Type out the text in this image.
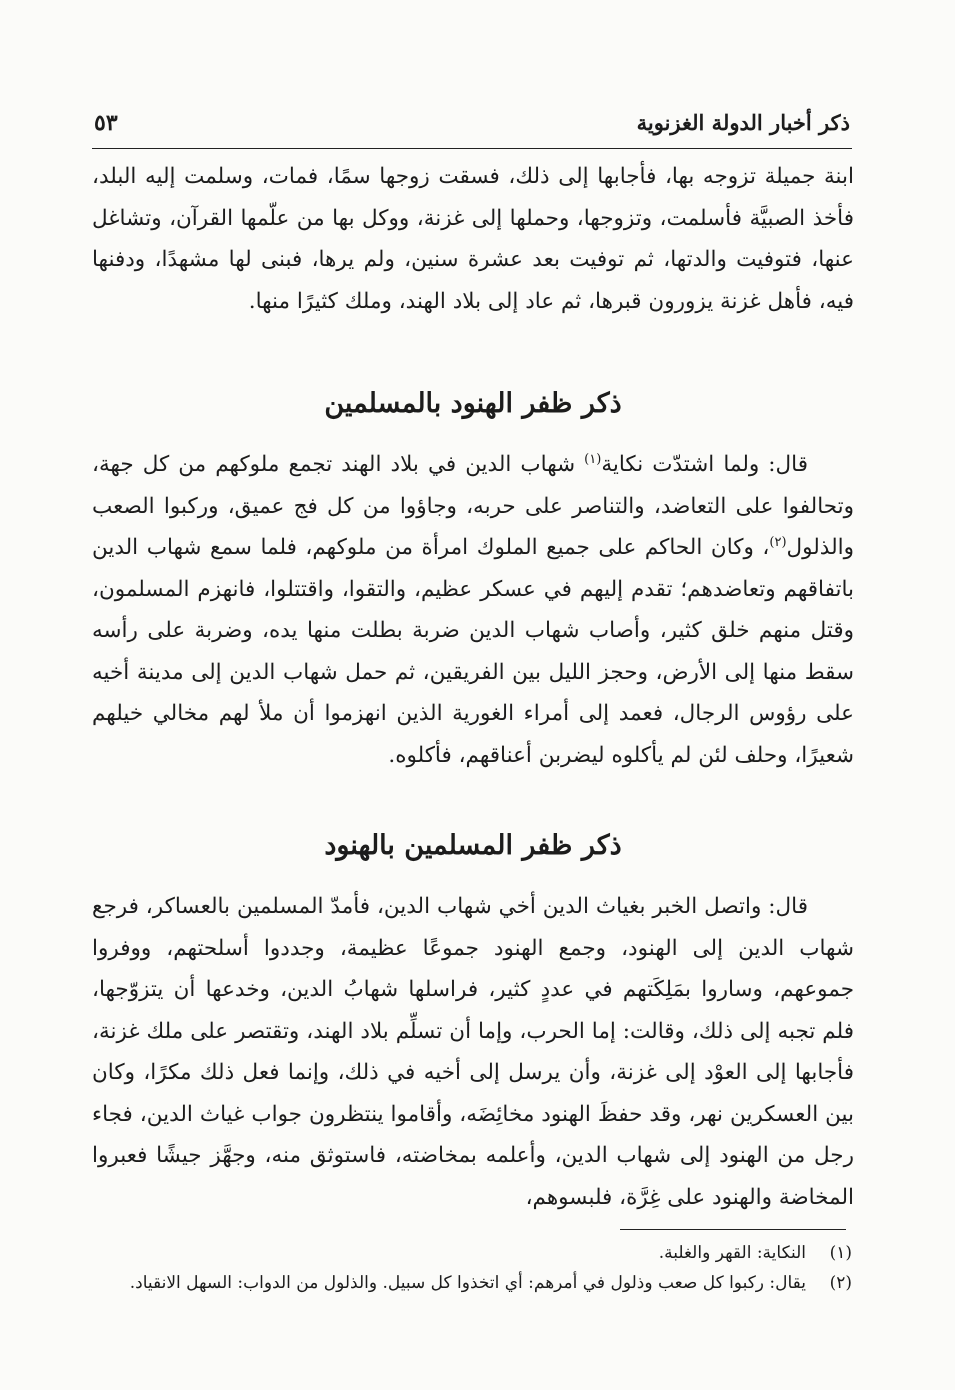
ذكر أخبار الدولة الغزنوية
٥٣

ابنة جميلة تزوجه بها، فأجابها إلى ذلك، فسقت زوجها سمًا، فمات، وسلمت إليه البلد، فأخذ الصبيَّة فأسلمت، وتزوجها، وحملها إلى غزنة، ووكل بها من علّمها القرآن، وتشاغل عنها، فتوفيت والدتها، ثم توفيت بعد عشرة سنين، ولم يرها، فبنى لها مشهدًا، ودفنها فيه، فأهل غزنة يزورون قبرها، ثم عاد إلى بلاد الهند، وملك كثيرًا منها.

ذكر ظفر الهنود بالمسلمين

قال: ولما اشتدّت نكاية$^{(١)}$ شهاب الدين في بلاد الهند تجمع ملوكهم من كل جهة، وتحالفوا على التعاضد، والتناصر على حربه، وجاؤوا من كل فج عميق، وركبوا الصعب والذلول$^{(٢)}$، وكان الحاكم على جميع الملوك امرأة من ملوكهم، فلما سمع شهاب الدين باتفاقهم وتعاضدهم؛ تقدم إليهم في عسكر عظيم، والتقوا، واقتتلوا، فانهزم المسلمون، وقتل منهم خلق كثير، وأصاب شهاب الدين ضربة بطلت منها يده، وضربة على رأسه سقط منها إلى الأرض، وحجز الليل بين الفريقين، ثم حمل شهاب الدين إلى مدينة أخيه على رؤوس الرجال، فعمد إلى أمراء الغورية الذين انهزموا أن ملأ لهم مخالي خيلهم شعيرًا، وحلف لئن لم يأكلوه ليضربن أعناقهم، فأكلوه.

ذكر ظفر المسلمين بالهنود

قال: واتصل الخبر بغياث الدين أخي شهاب الدين، فأمدّ المسلمين بالعساكر، فرجع شهاب الدين إلى الهنود، وجمع الهنود جموعًا عظيمة، وجددوا أسلحتهم، ووفروا جموعهم، وساروا بمَلِكَتهم في عددٍ كثير، فراسلها شهابُ الدين، وخدعها أن يتزوّجها، فلم تجبه إلى ذلك، وقالت: إما الحرب، وإما أن تسلِّم بلاد الهند، وتقتصر على ملك غزنة، فأجابها إلى العوْد إلى غزنة، وأن يرسل إلى أخيه في ذلك، وإنما فعل ذلك مكرًا، وكان بين العسكرين نهر، وقد حفظَ الهنود مخائِضَه، وأقاموا ينتظرون جواب غياث الدين، فجاء رجل من الهنود إلى شهاب الدين، وأعلمه بمخاضته، فاستوثق منه، وجهَّز جيشًا فعبروا المخاضة والهنود على غِرَّة، فلبسوهم،

(١)
النكاية: القهر والغلبة.
(٢)
يقال: ركبوا كل صعب وذلول في أمرهم: أي اتخذوا كل سبيل. والذلول من الدواب: السهل الانقياد.
